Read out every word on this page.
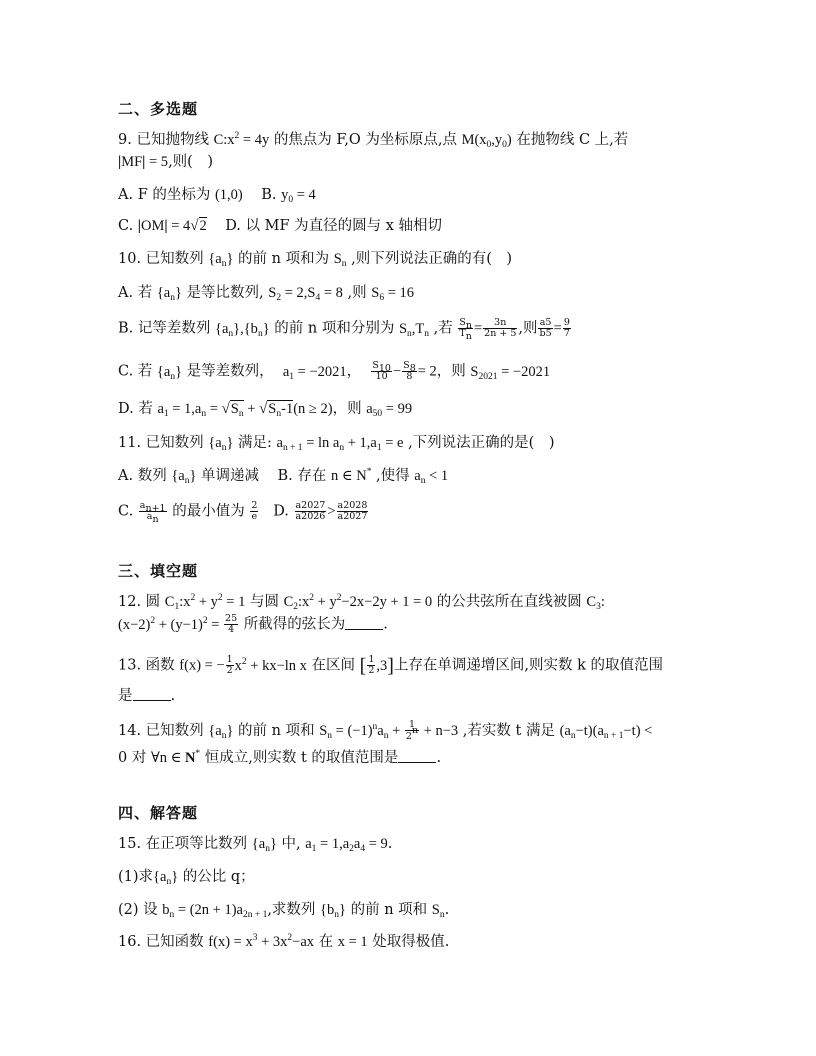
二、多选题
9. 已知抛物线 $C:x^2 = 4y$ 的焦点为 F,O 为坐标原点,点 $M(x_0,y_0)$ 在抛物线 C 上,若
|MF| = 5,则(　)
A. F 的坐标为 (1,0) B. $y_0 = 4$
C. |OM| = 4√2 D. 以 MF 为直径的圆与 x 轴相切
10. 已知数列 $\{a_n\}$ 的前 n 项和为 $S_n$ ,则下列说法正确的有(　)
A. 若 $\{a_n\}$ 是等比数列, $S_2 = 2,S_4 = 8$ ,则 $S_6 = 16$
B. 记等差数列 $\{a_n\},\{b_n\}$ 的前 n 项和分别为 $S_n,T_n$ ,若 $\frac{S_n}{T_n} = \frac{3n}{2n + 5}$ ,则 $\frac{a5}{b5} = \frac{9}{7}$
C. 若 $\{a_n\}$ 是等差数列， $a_1 = -2021$， $\frac{S_{10}}{10} - \frac{S_8}{8} = 2$，则 $S_{2021} = -2021$
D. 若 $a_1 = 1,a_n = √S_n + √S_n-1(n \ge 2)$，则 $a_{50} = 99$
11. 已知数列 $\{a_n\}$ 满足: $a_{n + 1} = \ln a_n + 1,a_1 = e$ ,下列说法正确的是(　)
A. 数列 $\{a_n\}$ 单调递减 B. 存在 n ∈ N* ,使得 $a_n < 1$
C. $\frac{a_{n+1}}{a_n}$ 的最小值为 $\frac{2}{e} D$. $\frac{a2027}{a2026} > \frac{a2028}{a2027}$
三、填空题
12. 圆 $C_1:x^2 + y^2 = 1$ 与圆 $C_2:x^2 + y^2-2x-2y + 1 = 0$ 的公共弦所在直线被圆 $C_3$:
$(x-2)^2 + (y-1)^2 = \frac{25}{4}$ 所截得的弦长为	.
13. 函数 f(x) = − $\frac{1}{2} x^2 + kx-\ln$ x 在区间 [ $\frac{1}{2} ,3$]上存在单调递增区间,则实数 k 的取值范围
是	.
14. 已知数列 $\{a_n\}$ 的前 n 项和 $S_n = (-1)^na_n + \frac{1}{2^n} + n-3$ ,若实数 t 满足 $(a_n-t)(a_{n + 1}-t)$ <
0 对 ∀n ∈ N* 恒成立,则实数 t 的取值范围是	.
四、解答题
15. 在正项等比数列 $\{a_n\}$ 中, $a_1 = 1,a_2a_4 = 9$.
(1)求$\{a_n\}$ 的公比 q；
(2) 设 $b_n = (2n + 1)a_{2n + 1}$,求数列 $\{b_n\}$ 的前 n 项和 $S_n$.
16. 已知函数 $f(x) = x^3 + 3x^2-ax$ 在 x = 1 处取得极值.
